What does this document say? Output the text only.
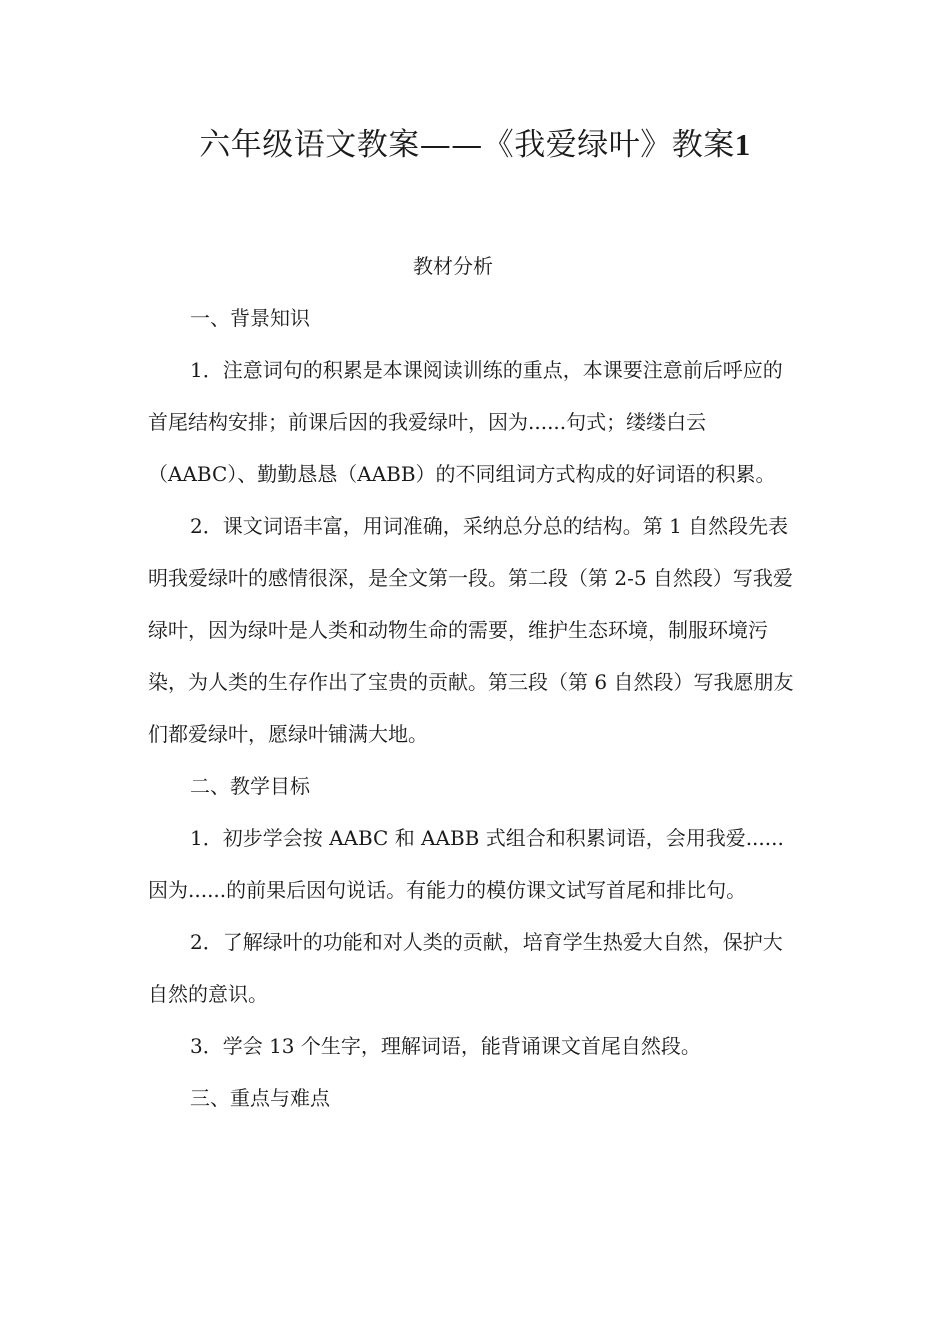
六年级语文教案——《我爱绿叶》教案1

教材分析

一、背景知识

1．注意词句的积累是本课阅读训练的重点，本课要注意前后呼应的首尾结构安排；前课后因的我爱绿叶，因为......句式；缕缕白云（AABC）、勤勤恳恳（AABB）的不同组词方式构成的好词语的积累。

2．课文词语丰富，用词准确，采纳总分总的结构。第 1 自然段先表明我爱绿叶的感情很深，是全文第一段。第二段（第 2-5 自然段）写我爱绿叶，因为绿叶是人类和动物生命的需要，维护生态环境，制服环境污染，为人类的生存作出了宝贵的贡献。第三段（第 6 自然段）写我愿朋友们都爱绿叶，愿绿叶铺满大地。

二、教学目标

1．初步学会按 AABC 和 AABB 式组合和积累词语，会用我爱......因为......的前果后因句说话。有能力的模仿课文试写首尾和排比句。

2．了解绿叶的功能和对人类的贡献，培育学生热爱大自然，保护大自然的意识。

3．学会 13 个生字，理解词语，能背诵课文首尾自然段。

三、重点与难点
